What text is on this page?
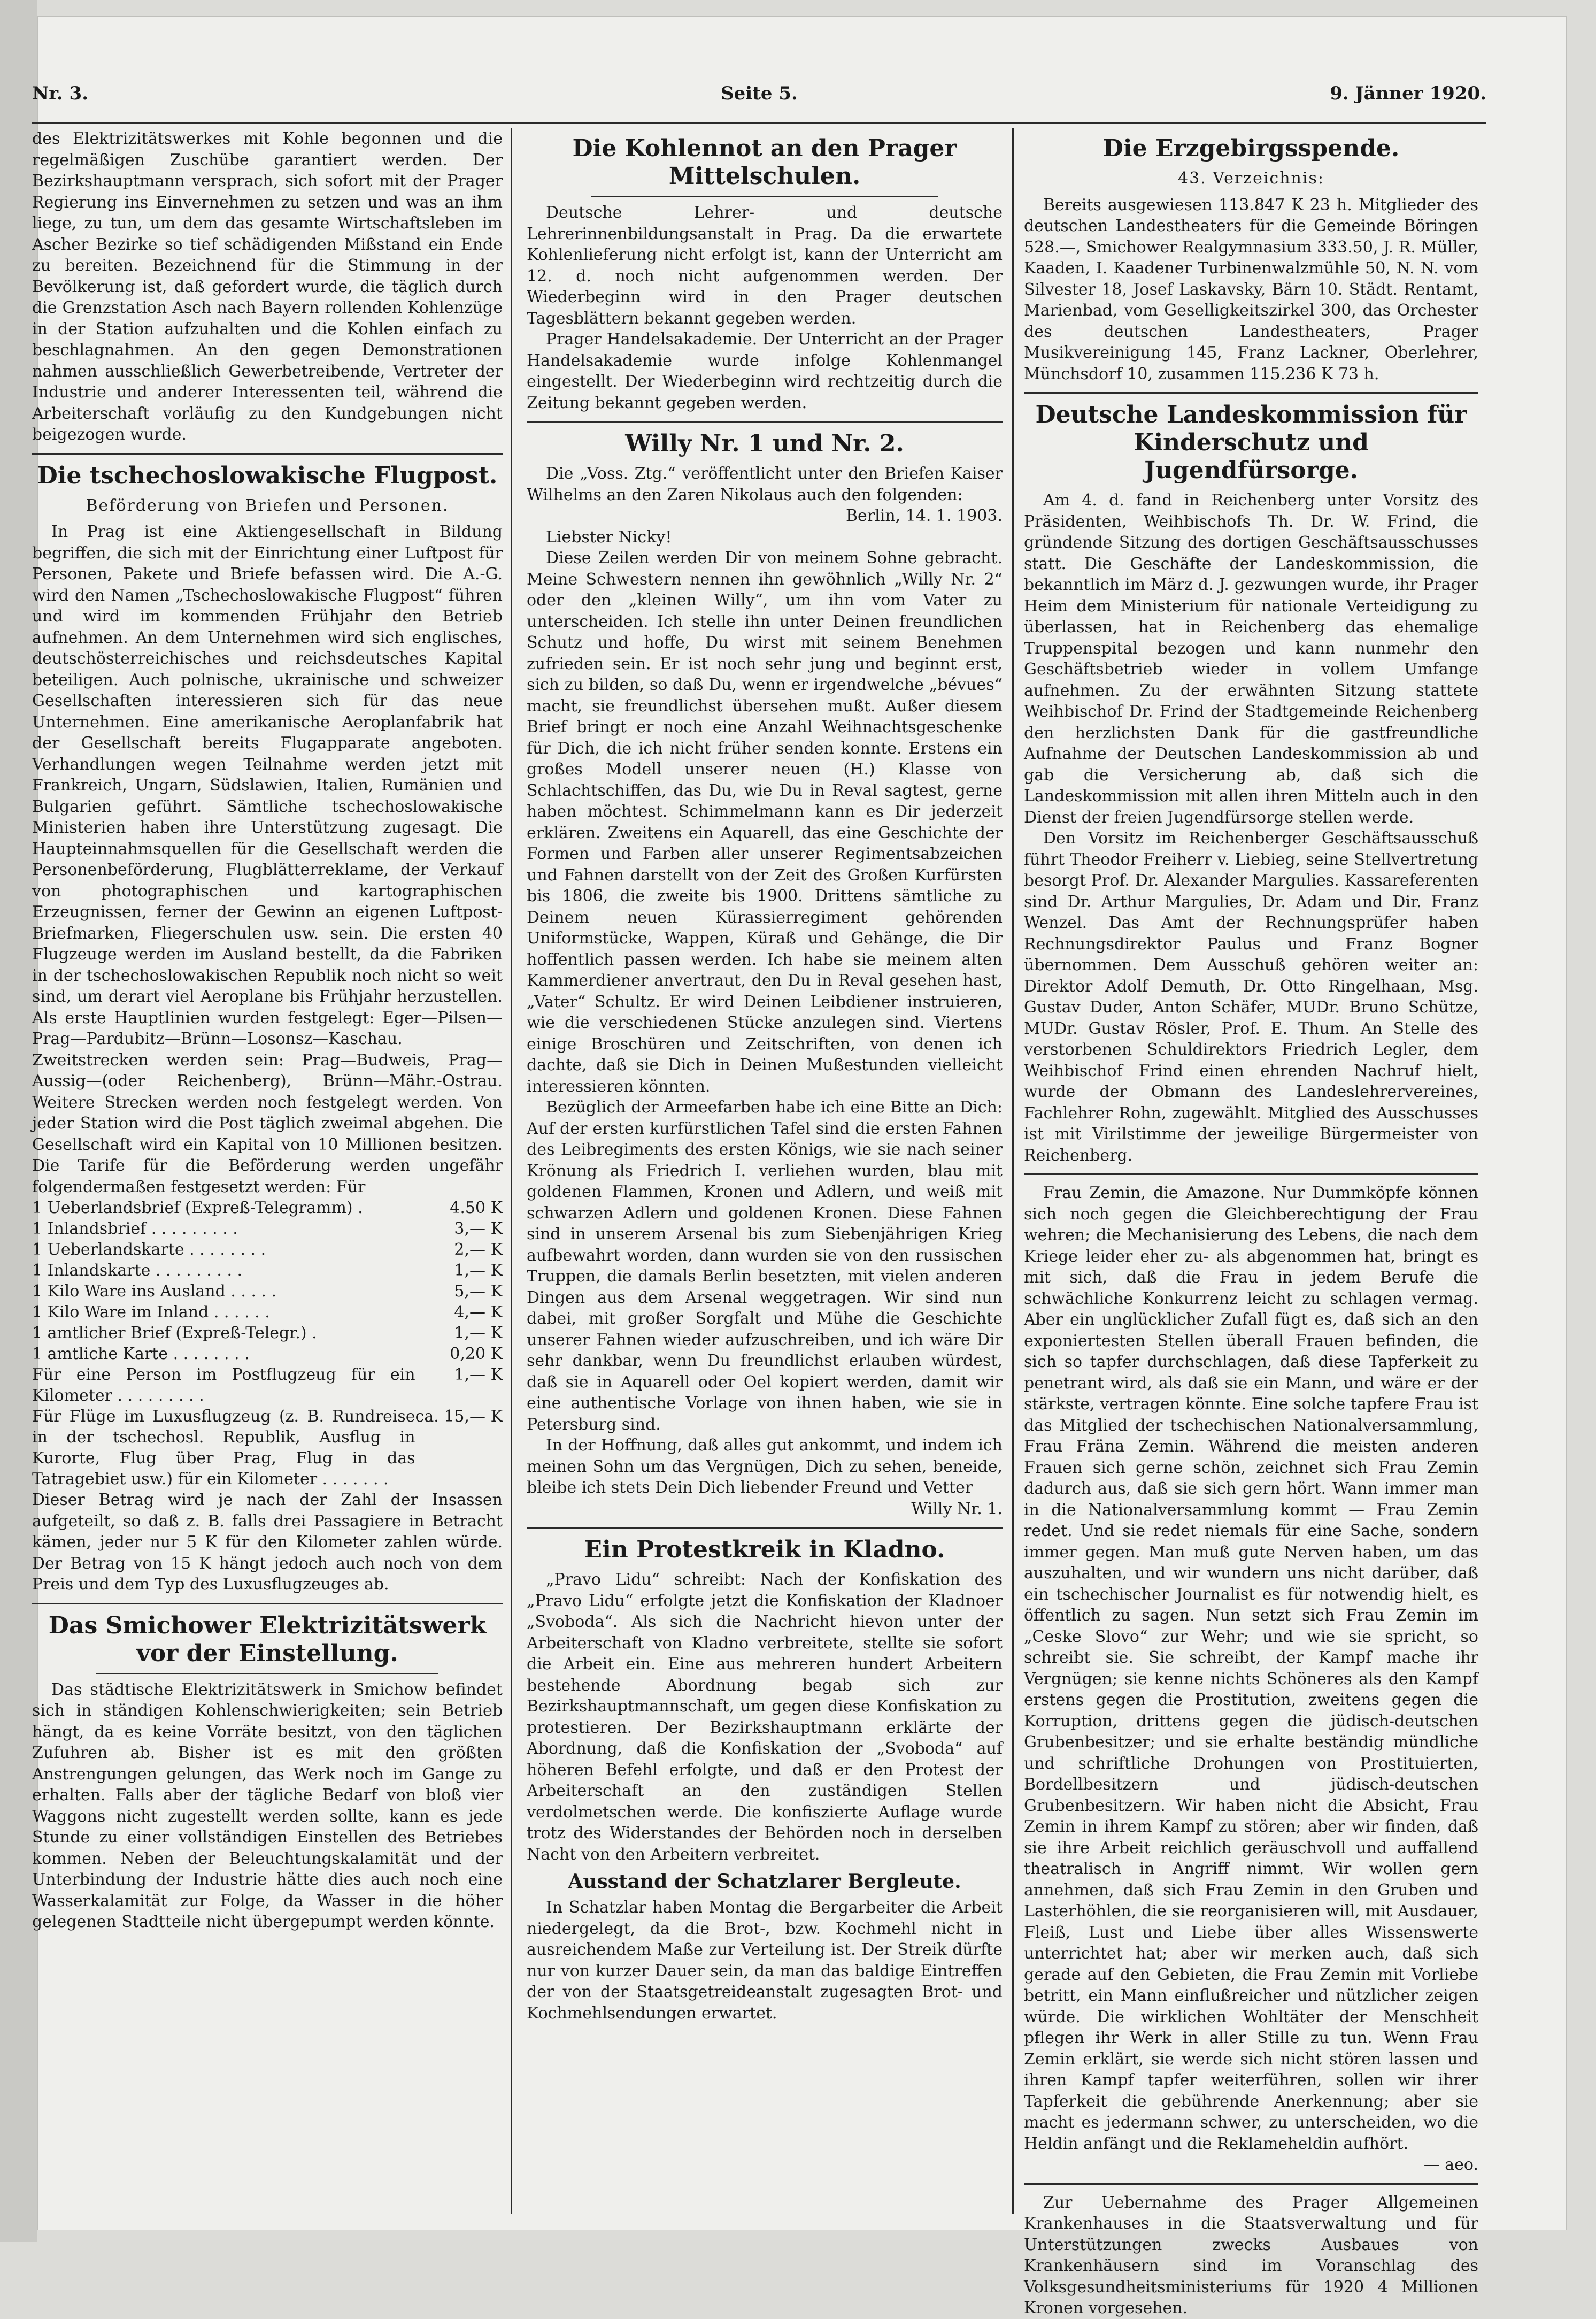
Nr. 3.	Seite 5.	9. Jänner 1920.

des Elektrizitätswerkes mit Kohle begonnen und die regelmäßigen Zuschübe garantiert werden. Der Bezirkshauptmann versprach, sich sofort mit der Prager Regierung ins Einvernehmen zu setzen und was an ihm liege, zu tun, um dem das gesamte Wirtschaftsleben im Ascher Bezirke so tief schädigenden Mißstand ein Ende zu bereiten. Bezeichnend für die Stimmung in der Bevölkerung ist, daß gefordert wurde, die täglich durch die Grenzstation Asch nach Bayern rollenden Kohlenzüge in der Station aufzuhalten und die Kohlen einfach zu beschlagnahmen. An den gegen Demonstrationen nahmen ausschließlich Gewerbetreibende, Vertreter der Industrie und anderer Interessenten teil, während die Arbeiterschaft vorläufig zu den Kundgebungen nicht beigezogen wurde.

Die tschechoslowakische Flugpost.
Beförderung von Briefen und Personen.

In Prag ist eine Aktiengesellschaft in Bildung begriffen, die sich mit der Einrichtung einer Luftpost für Personen, Pakete und Briefe befassen wird. Die A.-G. wird den Namen „Tschechoslowakische Flugpost“ führen und wird im kommenden Frühjahr den Betrieb aufnehmen. An dem Unternehmen wird sich englisches, deutschösterreichisches und reichsdeutsches Kapital beteiligen. Auch polnische, ukrainische und schweizer Gesellschaften interessieren sich für das neue Unternehmen. Eine amerikanische Aeroplanfabrik hat der Gesellschaft bereits Flugapparate angeboten. Verhandlungen wegen Teilnahme werden jetzt mit Frankreich, Ungarn, Südslawien, Italien, Rumänien und Bulgarien geführt. Sämtliche tschechoslowakische Ministerien haben ihre Unterstützung zugesagt. Die Haupteinnahmsquellen für die Gesellschaft werden die Personenbeförderung, Flugblätterreklame, der Verkauf von photographischen und kartographischen Erzeugnissen, ferner der Gewinn an eigenen Luftpost-Briefmarken, Fliegerschulen usw. sein. Die ersten 40 Flugzeuge werden im Ausland bestellt, da die Fabriken in der tschechoslowakischen Republik noch nicht so weit sind, um derart viel Aeroplane bis Frühjahr herzustellen. Als erste Hauptlinien wurden festgelegt: Eger—Pilsen—Prag—Pardubitz—Brünn—Losonsz—Kaschau. Zweitstrecken werden sein: Prag—Budweis, Prag—Aussig—(oder Reichenberg), Brünn—Mähr.-Ostrau. Weitere Strecken werden noch festgelegt werden. Von jeder Station wird die Post täglich zweimal abgehen. Die Gesellschaft wird ein Kapital von 10 Millionen besitzen. Die Tarife für die Beförderung werden ungefähr folgendermaßen festgesetzt werden: Für

1 Ueberlandsbrief (Expreß-Telegramm) .	4.50 K
1 Inlandsbrief . . . . . . . . .	3,— K
1 Ueberlandskarte . . . . . . . .	2,— K
1 Inlandskarte . . . . . . . . .	1,— K
1 Kilo Ware ins Ausland . . . . .	5,— K
1 Kilo Ware im Inland . . . . . .	4,— K
1 amtlicher Brief (Expreß-Telegr.) .	1,— K
1 amtliche Karte . . . . . . . .	0,20 K
Für eine Person im Postflugzeug für ein Kilometer . . . . . . . . .	1,— K
Für Flüge im Luxusflugzeug (z. B. Rundreise in der tschechosl. Republik, Ausflug in Kurorte, Flug über Prag, Flug in das Tatragebiet usw.) für ein Kilometer . . . . . . .	ca. 15,— K

Dieser Betrag wird je nach der Zahl der Insassen aufgeteilt, so daß z. B. falls drei Passagiere in Betracht kämen, jeder nur 5 K für den Kilometer zahlen würde. Der Betrag von 15 K hängt jedoch auch noch von dem Preis und dem Typ des Luxusflugzeuges ab.

Das Smichower Elektrizitätswerk vor der Einstellung.

Das städtische Elektrizitätswerk in Smichow befindet sich in ständigen Kohlenschwierigkeiten; sein Betrieb hängt, da es keine Vorräte besitzt, von den täglichen Zufuhren ab. Bisher ist es mit den größten Anstrengungen gelungen, das Werk noch im Gange zu erhalten. Falls aber der tägliche Bedarf von bloß vier Waggons nicht zugestellt werden sollte, kann es jede Stunde zu einer vollständigen Einstellen des Betriebes kommen. Neben der Beleuchtungskalamität und der Unterbindung der Industrie hätte dies auch noch eine Wasserkalamität zur Folge, da Wasser in die höher gelegenen Stadtteile nicht übergepumpt werden könnte.

Die Kohlennot an den Prager Mittelschulen.

Deutsche Lehrer- und deutsche Lehrerinnenbildungsanstalt in Prag. Da die erwartete Kohlenlieferung nicht erfolgt ist, kann der Unterricht am 12. d. noch nicht aufgenommen werden. Der Wiederbeginn wird in den Prager deutschen Tagesblättern bekannt gegeben werden.

Prager Handelsakademie. Der Unterricht an der Prager Handelsakademie wurde infolge Kohlenmangel eingestellt. Der Wiederbeginn wird rechtzeitig durch die Zeitung bekannt gegeben werden.

Willy Nr. 1 und Nr. 2.

Die „Voss. Ztg.“ veröffentlicht unter den Briefen Kaiser Wilhelms an den Zaren Nikolaus auch den folgenden:

Berlin, 14. 1. 1903.

Liebster Nicky!

Diese Zeilen werden Dir von meinem Sohne gebracht. Meine Schwestern nennen ihn gewöhnlich „Willy Nr. 2“ oder den „kleinen Willy“, um ihn vom Vater zu unterscheiden. Ich stelle ihn unter Deinen freundlichen Schutz und hoffe, Du wirst mit seinem Benehmen zufrieden sein. Er ist noch sehr jung und beginnt erst, sich zu bilden, so daß Du, wenn er irgendwelche „bévues“ macht, sie freundlichst übersehen mußt. Außer diesem Brief bringt er noch eine Anzahl Weihnachtsgeschenke für Dich, die ich nicht früher senden konnte. Erstens ein großes Modell unserer neuen (H.) Klasse von Schlachtschiffen, das Du, wie Du in Reval sagtest, gerne haben möchtest. Schimmelmann kann es Dir jederzeit erklären. Zweitens ein Aquarell, das eine Geschichte der Formen und Farben aller unserer Regimentsabzeichen und Fahnen darstellt von der Zeit des Großen Kurfürsten bis 1806, die zweite bis 1900. Drittens sämtliche zu Deinem neuen Kürassierregiment gehörenden Uniformstücke, Wappen, Küraß und Gehänge, die Dir hoffentlich passen werden. Ich habe sie meinem alten Kammerdiener anvertraut, den Du in Reval gesehen hast, „Vater“ Schultz. Er wird Deinen Leibdiener instruieren, wie die verschiedenen Stücke anzulegen sind. Viertens einige Broschüren und Zeitschriften, von denen ich dachte, daß sie Dich in Deinen Mußestunden vielleicht interessieren könnten.

Bezüglich der Armeefarben habe ich eine Bitte an Dich: Auf der ersten kurfürstlichen Tafel sind die ersten Fahnen des Leibregiments des ersten Königs, wie sie nach seiner Krönung als Friedrich I. verliehen wurden, blau mit goldenen Flammen, Kronen und Adlern, und weiß mit schwarzen Adlern und goldenen Kronen. Diese Fahnen sind in unserem Arsenal bis zum Siebenjährigen Krieg aufbewahrt worden, dann wurden sie von den russischen Truppen, die damals Berlin besetzten, mit vielen anderen Dingen aus dem Arsenal weggetragen. Wir sind nun dabei, mit großer Sorgfalt und Mühe die Geschichte unserer Fahnen wieder aufzuschreiben, und ich wäre Dir sehr dankbar, wenn Du freundlichst erlauben würdest, daß sie in Aquarell oder Oel kopiert werden, damit wir eine authentische Vorlage von ihnen haben, wie sie in Petersburg sind.

In der Hoffnung, daß alles gut ankommt, und indem ich meinen Sohn um das Vergnügen, Dich zu sehen, beneide, bleibe ich stets Dein Dich liebender Freund und Vetter

Willy Nr. 1.

Ein Protestkreik in Kladno.

„Pravo Lidu“ schreibt: Nach der Konfiskation des „Pravo Lidu“ erfolgte jetzt die Konfiskation der Kladnoer „Svoboda“. Als sich die Nachricht hievon unter der Arbeiterschaft von Kladno verbreitete, stellte sie sofort die Arbeit ein. Eine aus mehreren hundert Arbeitern bestehende Abordnung begab sich zur Bezirkshauptmannschaft, um gegen diese Konfiskation zu protestieren. Der Bezirkshauptmann erklärte der Abordnung, daß die Konfiskation der „Svoboda“ auf höheren Befehl erfolgte, und daß er den Protest der Arbeiterschaft an den zuständigen Stellen verdolmetschen werde. Die konfiszierte Auflage wurde trotz des Widerstandes der Behörden noch in derselben Nacht von den Arbeitern verbreitet.

Ausstand der Schatzlarer Bergleute.

In Schatzlar haben Montag die Bergarbeiter die Arbeit niedergelegt, da die Brot-, bzw. Kochmehl nicht in ausreichendem Maße zur Verteilung ist. Der Streik dürfte nur von kurzer Dauer sein, da man das baldige Eintreffen der von der Staatsgetreideanstalt zugesagten Brot- und Kochmehlsendungen erwartet.

Die Erzgebirgsspende.
43. Verzeichnis:

Bereits ausgewiesen 113.847 K 23 h. Mitglieder des deutschen Landestheaters für die Gemeinde Böringen 528.—, Smichower Realgymnasium 333.50, J. R. Müller, Kaaden, I. Kaadener Turbinenwalzmühle 50, N. N. vom Silvester 18, Josef Laskavsky, Bärn 10. Städt. Rentamt, Marienbad, vom Geselligkeitszirkel 300, das Orchester des deutschen Landestheaters, Prager Musikvereinigung 145, Franz Lackner, Oberlehrer, Münchsdorf 10, zusammen 115.236 K 73 h.

Deutsche Landeskommission für Kinderschutz und Jugendfürsorge.

Am 4. d. fand in Reichenberg unter Vorsitz des Präsidenten, Weihbischofs Th. Dr. W. Frind, die gründende Sitzung des dortigen Geschäftsausschusses statt. Die Geschäfte der Landeskommission, die bekanntlich im März d. J. gezwungen wurde, ihr Prager Heim dem Ministerium für nationale Verteidigung zu überlassen, hat in Reichenberg das ehemalige Truppenspital bezogen und kann nunmehr den Geschäftsbetrieb wieder in vollem Umfange aufnehmen. Zu der erwähnten Sitzung stattete Weihbischof Dr. Frind der Stadtgemeinde Reichenberg den herzlichsten Dank für die gastfreundliche Aufnahme der Deutschen Landeskommission ab und gab die Versicherung ab, daß sich die Landeskommission mit allen ihren Mitteln auch in den Dienst der freien Jugendfürsorge stellen werde.

Den Vorsitz im Reichenberger Geschäftsausschuß führt Theodor Freiherr v. Liebieg, seine Stellvertretung besorgt Prof. Dr. Alexander Margulies. Kassareferenten sind Dr. Arthur Margulies, Dr. Adam und Dir. Franz Wenzel. Das Amt der Rechnungsprüfer haben Rechnungsdirektor Paulus und Franz Bogner übernommen. Dem Ausschuß gehören weiter an: Direktor Adolf Demuth, Dr. Otto Ringelhaan, Msg. Gustav Duder, Anton Schäfer, MUDr. Bruno Schütze, MUDr. Gustav Rösler, Prof. E. Thum. An Stelle des verstorbenen Schuldirektors Friedrich Legler, dem Weihbischof Frind einen ehrenden Nachruf hielt, wurde der Obmann des Landeslehrervereines, Fachlehrer Rohn, zugewählt. Mitglied des Ausschusses ist mit Virilstimme der jeweilige Bürgermeister von Reichenberg.

Frau Zemin, die Amazone. Nur Dummköpfe können sich noch gegen die Gleichberechtigung der Frau wehren; die Mechanisierung des Lebens, die nach dem Kriege leider eher zu- als abgenommen hat, bringt es mit sich, daß die Frau in jedem Berufe die schwächliche Konkurrenz leicht zu schlagen vermag. Aber ein unglücklicher Zufall fügt es, daß sich an den exponiertesten Stellen überall Frauen befinden, die sich so tapfer durchschlagen, daß diese Tapferkeit zu penetrant wird, als daß sie ein Mann, und wäre er der stärkste, vertragen könnte. Eine solche tapfere Frau ist das Mitglied der tschechischen Nationalversammlung, Frau Fräna Zemin. Während die meisten anderen Frauen sich gerne schön, zeichnet sich Frau Zemin dadurch aus, daß sie sich gern hört. Wann immer man in die Nationalversammlung kommt — Frau Zemin redet. Und sie redet niemals für eine Sache, sondern immer gegen. Man muß gute Nerven haben, um das auszuhalten, und wir wundern uns nicht darüber, daß ein tschechischer Journalist es für notwendig hielt, es öffentlich zu sagen. Nun setzt sich Frau Zemin im „Ceske Slovo“ zur Wehr; und wie sie spricht, so schreibt sie. Sie schreibt, der Kampf mache ihr Vergnügen; sie kenne nichts Schöneres als den Kampf erstens gegen die Prostitution, zweitens gegen die Korruption, drittens gegen die jüdisch-deutschen Grubenbesitzer; und sie erhalte beständig mündliche und schriftliche Drohungen von Prostituierten, Bordellbesitzern und jüdisch-deutschen Grubenbesitzern. Wir haben nicht die Absicht, Frau Zemin in ihrem Kampf zu stören; aber wir finden, daß sie ihre Arbeit reichlich geräuschvoll und auffallend theatralisch in Angriff nimmt. Wir wollen gern annehmen, daß sich Frau Zemin in den Gruben und Lasterhöhlen, die sie reorganisieren will, mit Ausdauer, Fleiß, Lust und Liebe über alles Wissenswerte unterrichtet hat; aber wir merken auch, daß sich gerade auf den Gebieten, die Frau Zemin mit Vorliebe betritt, ein Mann einflußreicher und nützlicher zeigen würde. Die wirklichen Wohltäter der Menschheit pflegen ihr Werk in aller Stille zu tun. Wenn Frau Zemin erklärt, sie werde sich nicht stören lassen und ihren Kampf tapfer weiterführen, sollen wir ihrer Tapferkeit die gebührende Anerkennung; aber sie macht es jedermann schwer, zu unterscheiden, wo die Heldin anfängt und die Reklameheldin aufhört.

— aeo.

Zur Uebernahme des Prager Allgemeinen Krankenhauses in die Staatsverwaltung und für Unterstützungen zwecks Ausbaues von Krankenhäusern sind im Voranschlag des Volksgesundheitsministeriums für 1920 4 Millionen Kronen vorgesehen.
